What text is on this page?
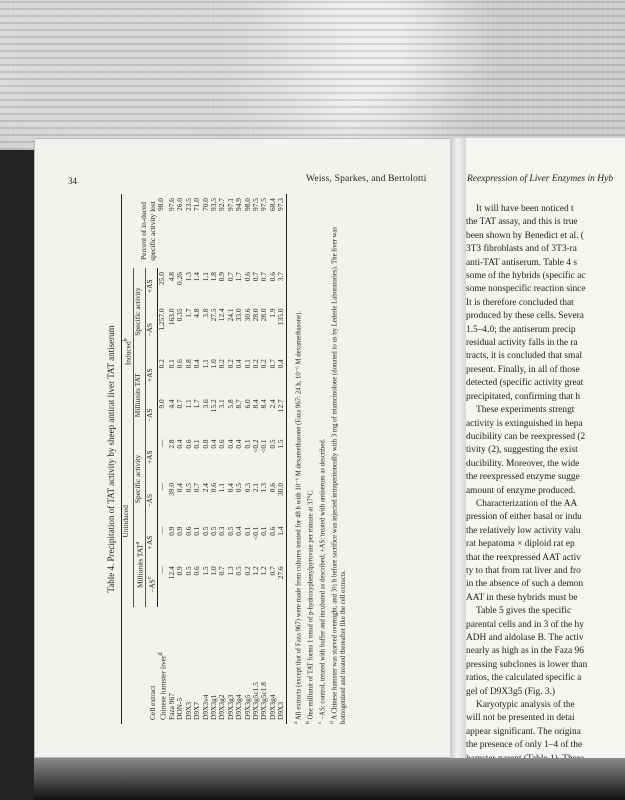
34	Weiss, Sparkes, and Bertolotti	Reexpression of Liver Enzymes in Hyb
Table 4. Precipitation of TAT activity by sheep antirat liver TAT antiserum
Cell extract	Uninduced				Induced$^b$				Percent of in-duced specific activity lost
	Milliunits TAT$^a$		Specific activity		Milliunits TAT		Specific activity		
	$-AS^c$	+AS	−AS	+AS	−AS	+AS	−AS	+AS	
Chinese hamster liver$^d$	—	—	—	—	9.0	0.2	1,257.0	25.0	98.0
Faza 967	12.4	0.9	39.0	2.8	4.4	0.1	163.0	4.8	97.6
DON-5	0.9	0.9	0.4	0.4	0.7	0.6	0.35	0.26	26.0
D9X3	0.5	0.6	0.5	0.6	1.1	0.8	1.7	1.3	23.5
D9X7	0.6	0.1	0.7	0.1	1.7	0.4	4.8	1.4	71.0
D9X3v4	1.5	0.5	2.4	0.8	3.6	1.1	3.8	1.1	70.0
D9X3g1	1.0	0.5	0.6	0.4	15.2	1.0	27.5	1.8	93.5
D9X3g2	0.7	0.3	1.1	0.6	3.1	0.2	12.4	0.9	92.7
D9X3g3	1.3	0.5	0.4	0.4	5.8	0.2	24.1	0.7	97.1
D9X3g4	0.5	0.4	0.5	0.4	8.7	0.4	33.0	1.7	94.9
D9X3g5	0.2	0.1	0.3	0.1	6.0	0.1	30.6	0.6	98.0
D9X3g5c1.5	1.2	<0.1	2.1	<0.2	8.4	0.2	28.0	0.7	97.5
D9X3g5c1.8	1.2	0.1	1.3	<0.1	8.4	0.2	28.0	0.7	97.5
D9X3g4	0.7	0.6	0.6	0.5	2.4	0.7	1.9	0.6	68.4
D9X3	27.6	1.4	30.0	1.5	12.7	0.4	135.0	3.7	97.3
$^a$ All extracts (except that of Faza 967) were made from cultures treated for 48 h with 10⁻⁶ M dexamethasone (Faza 967: 24 h, 10⁻⁶ M dexamethasone).
$^b$ One milliunit of TAT forms 1 nmol of p-hydroxyphenylpyruvate per minute at 37°C.
$^c$ −AS: control, treated with buffer and incubated as described; +AS: treated with antiserum as described.
$^d$ A Chinese hamster was starved overnight, and 3½ h before sacrifice was injected intraperitoneally with 3 mg of triamcinolone (donated to us by Lederle Laboratories). The liver was homogenized and treated thereafter like the cell extracts.

It will have been noticed t

the TAT assay, and this is true

been shown by Benedict et al. (

3T3 fibroblasts and of 3T3-ra

anti-TAT antiserum. Table 4 s

some of the hybrids (specific ac

some nonspecific reaction since

It is therefore concluded that

produced by these cells. Severa

1.5–4.0; the antiserum precip

residual activity falls in the ra

tracts, it is concluded that smal

present. Finally, in all of those

detected (specific activity great

precipitated, confirming that h

These experiments strengt

activity is extinguished in hepa

ducibility can be reexpressed (2

tivity (2), suggesting the exist

ducibility. Moreover, the wide

the reexpressed enzyme sugge

amount of enzyme produced.

Characterization of the AA

pression of either basal or indu

the relatively low activity valu

rat hepatoma × diploid rat ep

that the reexpressed AAT activ

ty to that from rat liver and fro

in the absence of such a demon

AAT in these hybrids must be

Table 5 gives the specific

parental cells and in 3 of the hy

ADH and aldolase B. The activ

nearly as high as in the Faza 96

pressing subclones is lower than

ratios, the calculated specific a

gel of D9X3g5 (Fig. 3.)

Karyotypic analysis of the

will not be presented in detai

appear significant. The origina

the presence of only 1–4 of the
